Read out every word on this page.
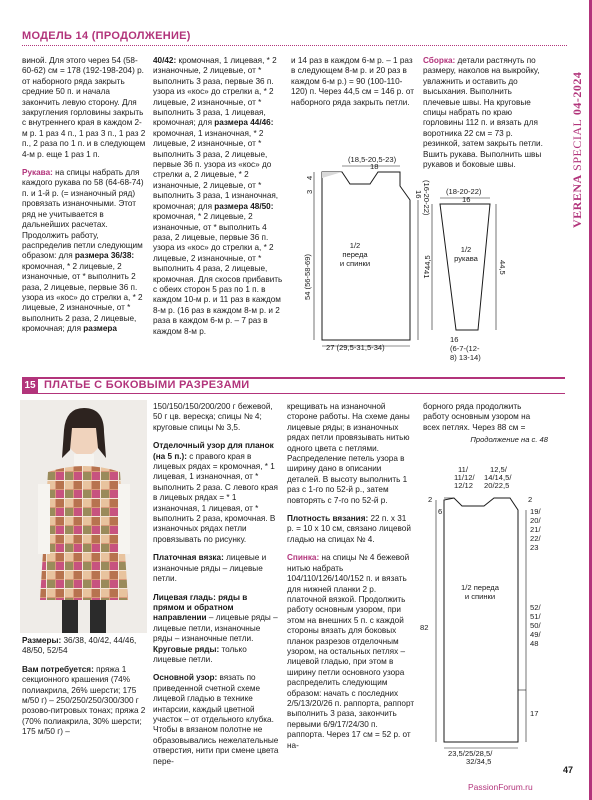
VERENA SPECIAL 04-2024
МОДЕЛЬ 14 (ПРОДОЛЖЕНИЕ)

виной. Для этого через 54 (58-60-62) см = 178 (192-198-204) р. от наборного ряда закрыть средние 50 п. и начала закончить левую сторону. Для закругления горловины закрыть с внутреннего края в каждом 2-м р. 1 раз 4 п., 1 раз 3 п., 1 раз 2 п., 2 раза по 1 п. и в следующем 4-м р. еще 1 раз 1 п.

Рукава: на спицы набрать для каждого рукава по 58 (64-68-74) п. и 1-й р. (= изнаночный ряд) провязать изнаночными. Этот ряд не учитывается в дальнейших расчетах. Продолжить работу, распределив петли следующим образом: для размера 36/38: кромочная, * 2 лицевые, 2 изнаночные, от * выполнить 2 раза, 2 лицевые, первые 36 п. узора из «кос» до стрелки a, * 2 лицевые, 2 изнаночные, от * выполнить 2 раза, 2 лицевые, кромочная; для размера

40/42: кромочная, 1 лицевая, * 2 изнаночные, 2 лицевые, от * выполнить 3 раза, первые 36 п. узора из «кос» до стрелки a, * 2 лицевые, 2 изнаночные, от * выполнить 3 раза, 1 лицевая, кромочная; для размера 44/46: кромочная, 1 изнаночная, * 2 лицевые, 2 изнаночные, от * выполнить 3 раза, 2 лицевые, первые 36 п. узора из «кос» до стрелки a, 2 лицевые, * 2 изнаночные, 2 лицевые, от * выполнить 3 раза, 1 изнаночная, кромочная; для размера 48/50: кромочная, * 2 лицевые, 2 изнаночные, от * выполнить 4 раза, 2 лицевые, первые 36 п. узора из «кос» до стрелки a, * 2 лицевые, 2 изнаночные, от * выполнить 4 раза, 2 лицевые, кромочная. Для скосов прибавить с обеих сторон 5 раз по 1 п. в каждом 10-м р. и 11 раз в каждом 8-м р. (16 раз в каждом 8-м р. и 2 раза в каждом 6-м р. – 7 раз в каждом 8-м р.

и 14 раз в каждом 6-м р. – 1 раз в следующем 8-м р. и 20 раз в каждом 6-м р.) = 90 (100-110-120) п. Через 44,5 см = 146 р. от наборного ряда закрыть петли.

Сборка: детали растянуть по размеру, наколов на выкройку, увлажнить и оставить до высыхания. Выполнить плечевые швы. На круговые спицы набрать по краю горловины 112 п. и вязать для воротника 22 см = 73 р. резинкой, затем закрыть петли. Вшить рукава. Выполнить швы рукавов и боковые швы.

(18,5-20,5-23)
18
4
3	16 (16-20-22)
1/2 переда и спинки
54 (56-58-69)	41
27 (29,5-31,5-34)
(18-20-22)
16
1/2 рукава
44,5	44,5
16 (6-7-(12-8) 13-14)
15 ПЛАТЬЕ С БОКОВЫМИ РАЗРЕЗАМИ

Размеры: 36/38, 40/42, 44/46, 48/50, 52/54

Вам потребуется: пряжа 1 секционного крашения (74% полиакрила, 26% шерсти; 175 м/50 г) – 250/250/250/300/300 г розово-питровых тонах; пряжа 2 (70% полиакрила, 30% шерсти; 175 м/50 г) –

150/150/150/200/200 г бежевой, 50 г цв. вересқа; спицы № 4; круговые спицы № 3,5.

Отделочный узор для планок (на 5 п.): с правого края в лицевых рядах = кромочная, * 1 лицевая, 1 изнаночная, от * выполнить 2 раза. С левого края в лицевых рядах = * 1 изнаночная, 1 лицевая, от * выполнить 2 раза, кромочная. В изнаночных рядах петли провязывать по рисунку.

Платочная вязка: лицевые и изнаночные ряды – лицевые петли.

Лицевая гладь: ряды в прямом и обратном направлении – лицевые ряды – лицевые петли, изнаночные ряды – изнаночные петли. Круговые ряды: только лицевые петли.

Основной узор: вязать по приведенной счетной схеме лицевой гладью в технике интарсии, каждый цветной участок – от отдельного клубка. Чтобы в вязаном полотне не образовывались нежелательные отверстия, нити при смене цвета пере-

крещивать на изнаночной стороне работы. На схеме даны лицевые ряды; в изнаночных рядах петли провязывать нитью одного цвета с петлями. Распределение петель узора в ширину дано в описании деталей. В высоту выполнить 1 раз с 1-го по 52-й р., затем повторять с 7-го по 52-й р.

Плотность вязания: 22 п. х 31 р. = 10 х 10 см, связано лицевой гладью на спицах № 4.

Спинка: на спицы № 4 бежевой нитью набрать 104/110/126/140/152 п. и вязать для нижней планки 2 р. платочной вязкой. Продолжить работу основным узором, при этом на внешних 5 п. с каждой стороны вязать для боковых планок разрезов отделочным узором, на остальных петлях – лицевой гладью, при этом в ширину петли основного узора распределить следующим образом: начать с последних 2/5/13/20/26 п. раппорта, раппорт выполнить 3 раза, закончить первыми 6/9/17/24/30 п. раппорта. Через 17 см = 52 р. от на-

борного ряда продолжить работу основным узором на всех петлях. Через 88 см =

Продолжение на с. 48

11/
11/12/
12/12
12,5/
14/14,5/
20/22,5
2
6
2
19/
20/
21/
22/
23
52/
51/
50/
49/
48
82
1/2 переда и спинки
17
23,5/25/28,5/
32/34,5
47
PassionForum.ru
